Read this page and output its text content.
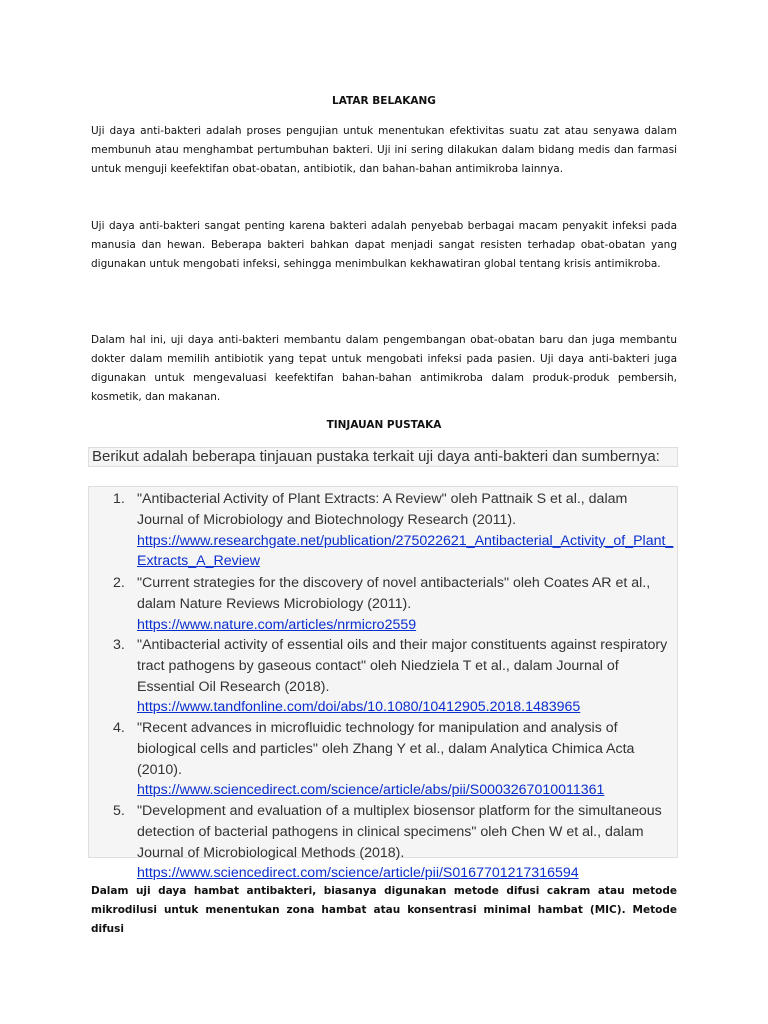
LATAR BELAKANG
Uji daya anti-bakteri adalah proses pengujian untuk menentukan efektivitas suatu zat atau senyawa dalam membunuh atau menghambat pertumbuhan bakteri. Uji ini sering dilakukan dalam bidang medis dan farmasi untuk menguji keefektifan obat-obatan, antibiotik, dan bahan-bahan antimikroba lainnya.
Uji daya anti-bakteri sangat penting karena bakteri adalah penyebab berbagai macam penyakit infeksi pada manusia dan hewan. Beberapa bakteri bahkan dapat menjadi sangat resisten terhadap obat-obatan yang digunakan untuk mengobati infeksi, sehingga menimbulkan kekhawatiran global tentang krisis antimikroba.
Dalam hal ini, uji daya anti-bakteri membantu dalam pengembangan obat-obatan baru dan juga membantu dokter dalam memilih antibiotik yang tepat untuk mengobati infeksi pada pasien. Uji daya anti-bakteri juga digunakan untuk mengevaluasi keefektifan bahan-bahan antimikroba dalam produk-produk pembersih, kosmetik, dan makanan.
TINJAUAN PUSTAKA
Berikut adalah beberapa tinjauan pustaka terkait uji daya anti-bakteri dan sumbernya:
1. "Antibacterial Activity of Plant Extracts: A Review" oleh Pattnaik S et al., dalam Journal of Microbiology and Biotechnology Research (2011).
https://www.researchgate.net/publication/275022621_Antibacterial_Activity_of_Plant_Extracts_A_Review
2. "Current strategies for the discovery of novel antibacterials" oleh Coates AR et al., dalam Nature Reviews Microbiology (2011).
https://www.nature.com/articles/nrmicro2559
3. "Antibacterial activity of essential oils and their major constituents against respiratory tract pathogens by gaseous contact" oleh Niedziela T et al., dalam Journal of Essential Oil Research (2018).
https://www.tandfonline.com/doi/abs/10.1080/10412905.2018.1483965
4. "Recent advances in microfluidic technology for manipulation and analysis of biological cells and particles" oleh Zhang Y et al., dalam Analytica Chimica Acta (2010).
https://www.sciencedirect.com/science/article/abs/pii/S0003267010011361
5. "Development and evaluation of a multiplex biosensor platform for the simultaneous detection of bacterial pathogens in clinical specimens" oleh Chen W et al., dalam Journal of Microbiological Methods (2018).
https://www.sciencedirect.com/science/article/pii/S0167701217316594
Dalam uji daya hambat antibakteri, biasanya digunakan metode difusi cakram atau metode mikrodilusi untuk menentukan zona hambat atau konsentrasi minimal hambat (MIC). Metode difusi
